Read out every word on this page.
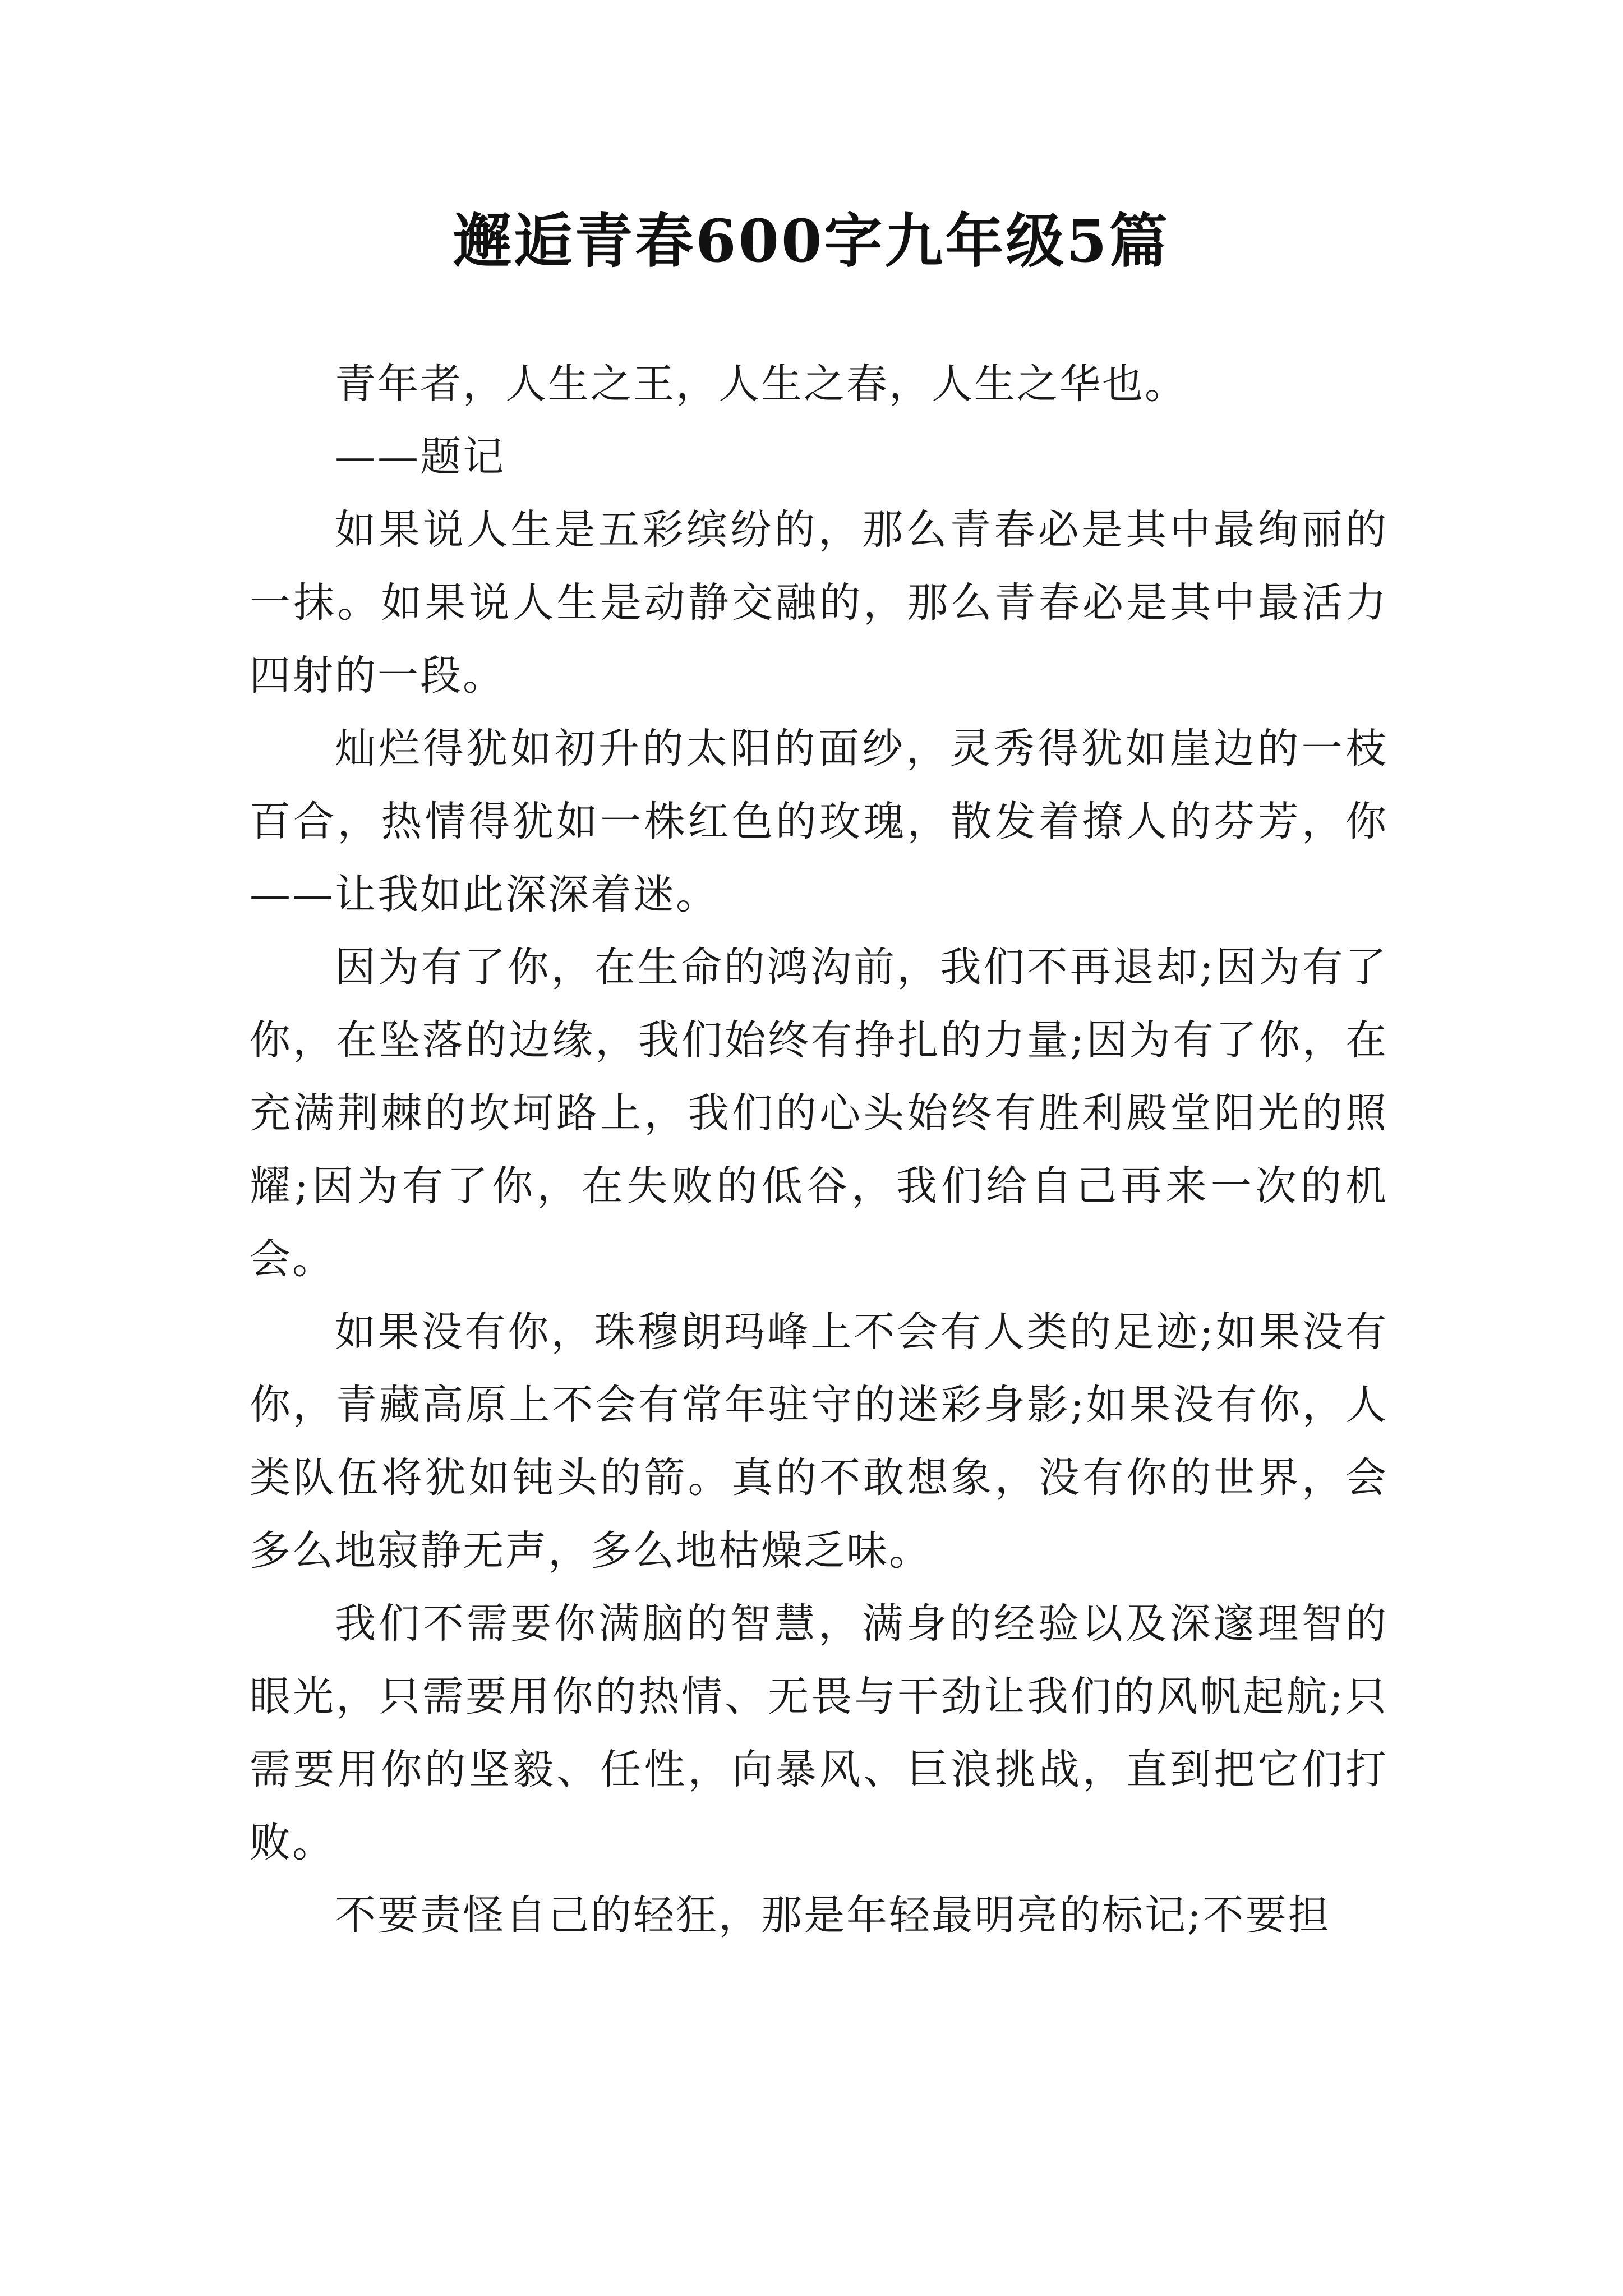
邂逅青春600字九年级5篇

青年者，人生之王，人生之春，人生之华也。

——题记

如果说人生是五彩缤纷的，那么青春必是其中最绚丽的一抹。如果说人生是动静交融的，那么青春必是其中最活力四射的一段。

灿烂得犹如初升的太阳的面纱，灵秀得犹如崖边的一枝百合，热情得犹如一株红色的玫瑰，散发着撩人的芬芳，你——让我如此深深着迷。

因为有了你，在生命的鸿沟前，我们不再退却;因为有了你，在坠落的边缘，我们始终有挣扎的力量;因为有了你，在充满荆棘的坎坷路上，我们的心头始终有胜利殿堂阳光的照耀;因为有了你，在失败的低谷，我们给自己再来一次的机会。

如果没有你，珠穆朗玛峰上不会有人类的足迹;如果没有你，青藏高原上不会有常年驻守的迷彩身影;如果没有你，人类队伍将犹如钝头的箭。真的不敢想象，没有你的世界，会多么地寂静无声，多么地枯燥乏味。

我们不需要你满脑的智慧，满身的经验以及深邃理智的眼光，只需要用你的热情、无畏与干劲让我们的风帆起航;只需要用你的坚毅、任性，向暴风、巨浪挑战，直到把它们打败。

不要责怪自己的轻狂，那是年轻最明亮的标记;不要担
